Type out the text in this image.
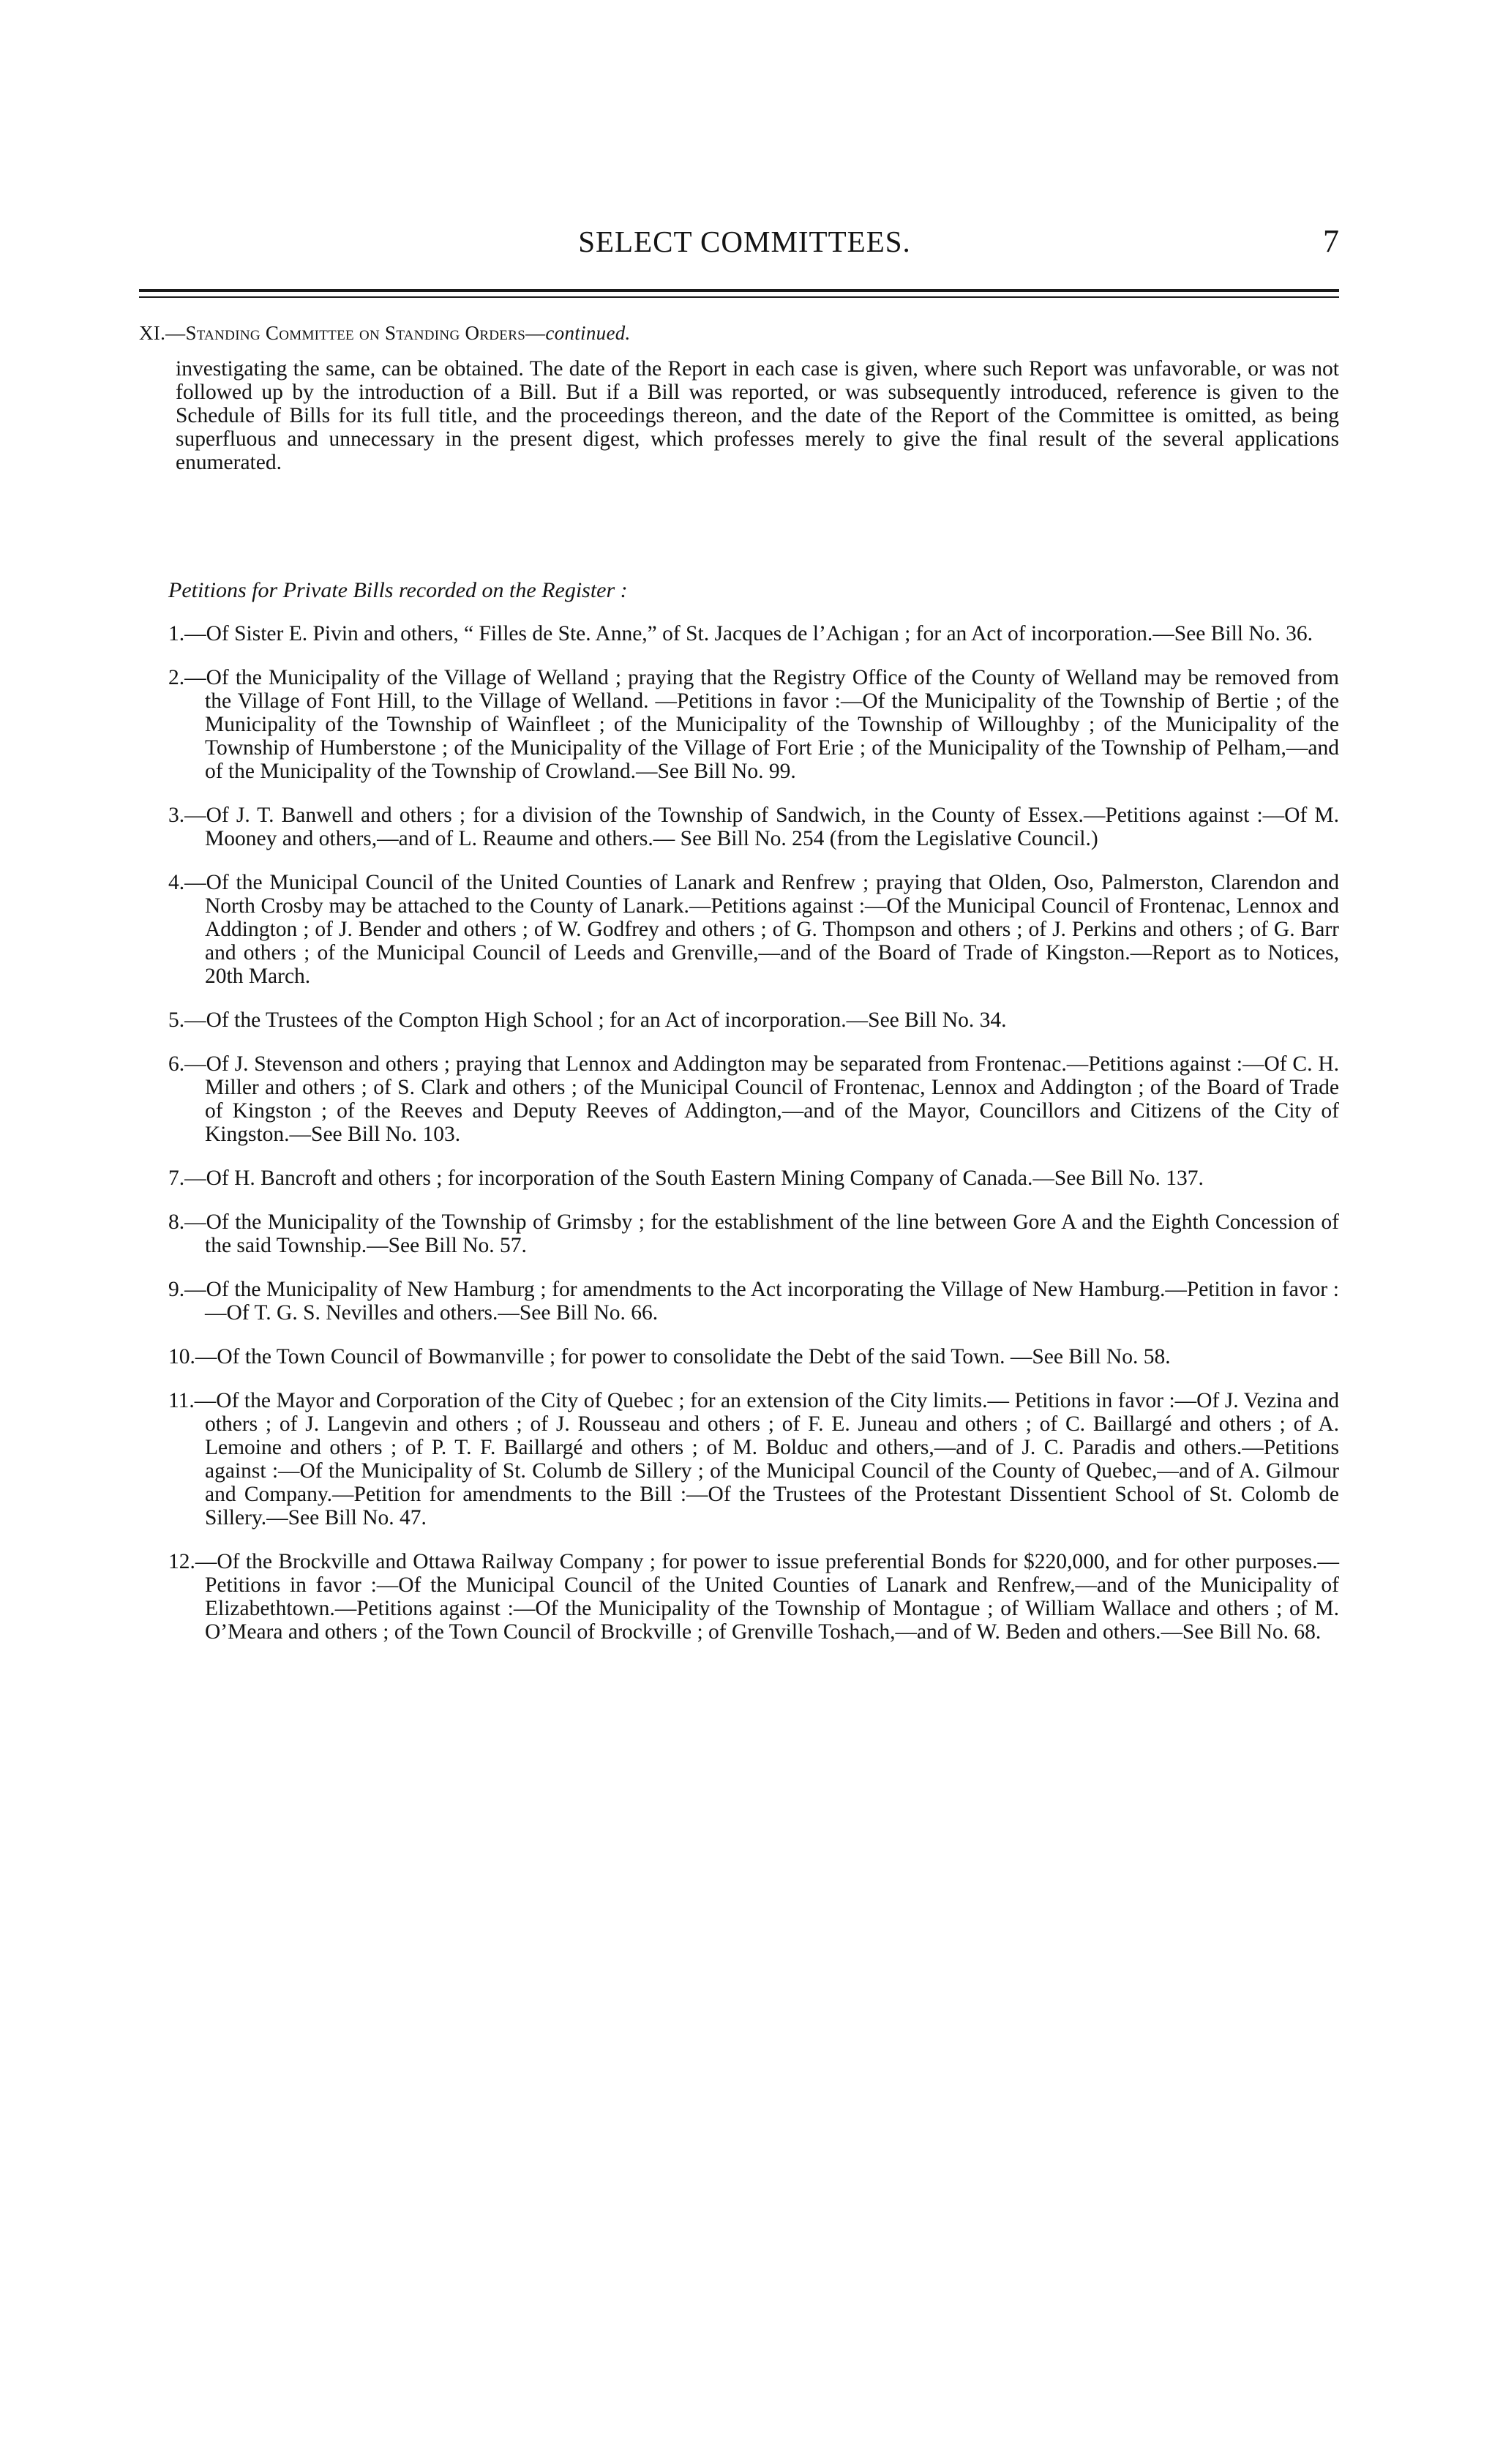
SELECT COMMITTEES.	7
XI.—Standing Committee on Standing Orders—continued.
investigating the same, can be obtained. The date of the Report in each case is given, where such Report was unfavorable, or was not followed up by the introduction of a Bill. But if a Bill was reported, or was subsequently introduced, reference is given to the Schedule of Bills for its full title, and the proceedings thereon, and the date of the Report of the Committee is omitted, as being superfluous and unnecessary in the present digest, which professes merely to give the final result of the several applications enumerated.
Petitions for Private Bills recorded on the Register :

1.—Of Sister E. Pivin and others, “ Filles de Ste. Anne,” of St. Jacques de l’Achigan ; for an Act of incorporation.—See Bill No. 36.

2.—Of the Municipality of the Village of Welland ; praying that the Registry Office of the County of Welland may be removed from the Village of Font Hill, to the Village of Welland. —Petitions in favor :—Of the Municipality of the Township of Bertie ; of the Municipality of the Township of Wainfleet ; of the Municipality of the Township of Willoughby ; of the Municipality of the Township of Humberstone ; of the Municipality of the Village of Fort Erie ; of the Municipality of the Township of Pelham,—and of the Municipality of the Township of Crowland.—See Bill No. 99.

3.—Of J. T. Banwell and others ; for a division of the Township of Sandwich, in the County of Essex.—Petitions against :—Of M. Mooney and others,—and of L. Reaume and others.— See Bill No. 254 (from the Legislative Council.)

4.—Of the Municipal Council of the United Counties of Lanark and Renfrew ; praying that Olden, Oso, Palmerston, Clarendon and North Crosby may be attached to the County of Lanark.—Petitions against :—Of the Municipal Council of Frontenac, Lennox and Addington ; of J. Bender and others ; of W. Godfrey and others ; of G. Thompson and others ; of J. Perkins and others ; of G. Barr and others ; of the Municipal Council of Leeds and Grenville,—and of the Board of Trade of Kingston.—Report as to Notices, 20th March.

5.—Of the Trustees of the Compton High School ; for an Act of incorporation.—See Bill No. 34.

6.—Of J. Stevenson and others ; praying that Lennox and Addington may be separated from Frontenac.—Petitions against :—Of C. H. Miller and others ; of S. Clark and others ; of the Municipal Council of Frontenac, Lennox and Addington ; of the Board of Trade of Kingston ; of the Reeves and Deputy Reeves of Addington,—and of the Mayor, Councillors and Citizens of the City of Kingston.—See Bill No. 103.

7.—Of H. Bancroft and others ; for incorporation of the South Eastern Mining Company of Canada.—See Bill No. 137.

8.—Of the Municipality of the Township of Grimsby ; for the establishment of the line between Gore A and the Eighth Concession of the said Township.—See Bill No. 57.

9.—Of the Municipality of New Hamburg ; for amendments to the Act incorporating the Village of New Hamburg.—Petition in favor :—Of T. G. S. Nevilles and others.—See Bill No. 66.

10.—Of the Town Council of Bowmanville ; for power to consolidate the Debt of the said Town. —See Bill No. 58.

11.—Of the Mayor and Corporation of the City of Quebec ; for an extension of the City limits.— Petitions in favor :—Of J. Vezina and others ; of J. Langevin and others ; of J. Rousseau and others ; of F. E. Juneau and others ; of C. Baillargé and others ; of A. Lemoine and others ; of P. T. F. Baillargé and others ; of M. Bolduc and others,—and of J. C. Paradis and others.—Petitions against :—Of the Municipality of St. Columb de Sillery ; of the Municipal Council of the County of Quebec,—and of A. Gilmour and Company.—Petition for amendments to the Bill :—Of the Trustees of the Protestant Dissentient School of St. Colomb de Sillery.—See Bill No. 47.

12.—Of the Brockville and Ottawa Railway Company ; for power to issue preferential Bonds for $220,000, and for other purposes.—Petitions in favor :—Of the Municipal Council of the United Counties of Lanark and Renfrew,—and of the Municipality of Elizabethtown.—Petitions against :—Of the Municipality of the Township of Montague ; of William Wallace and others ; of M. O’Meara and others ; of the Town Council of Brockville ; of Grenville Toshach,—and of W. Beden and others.—See Bill No. 68.
